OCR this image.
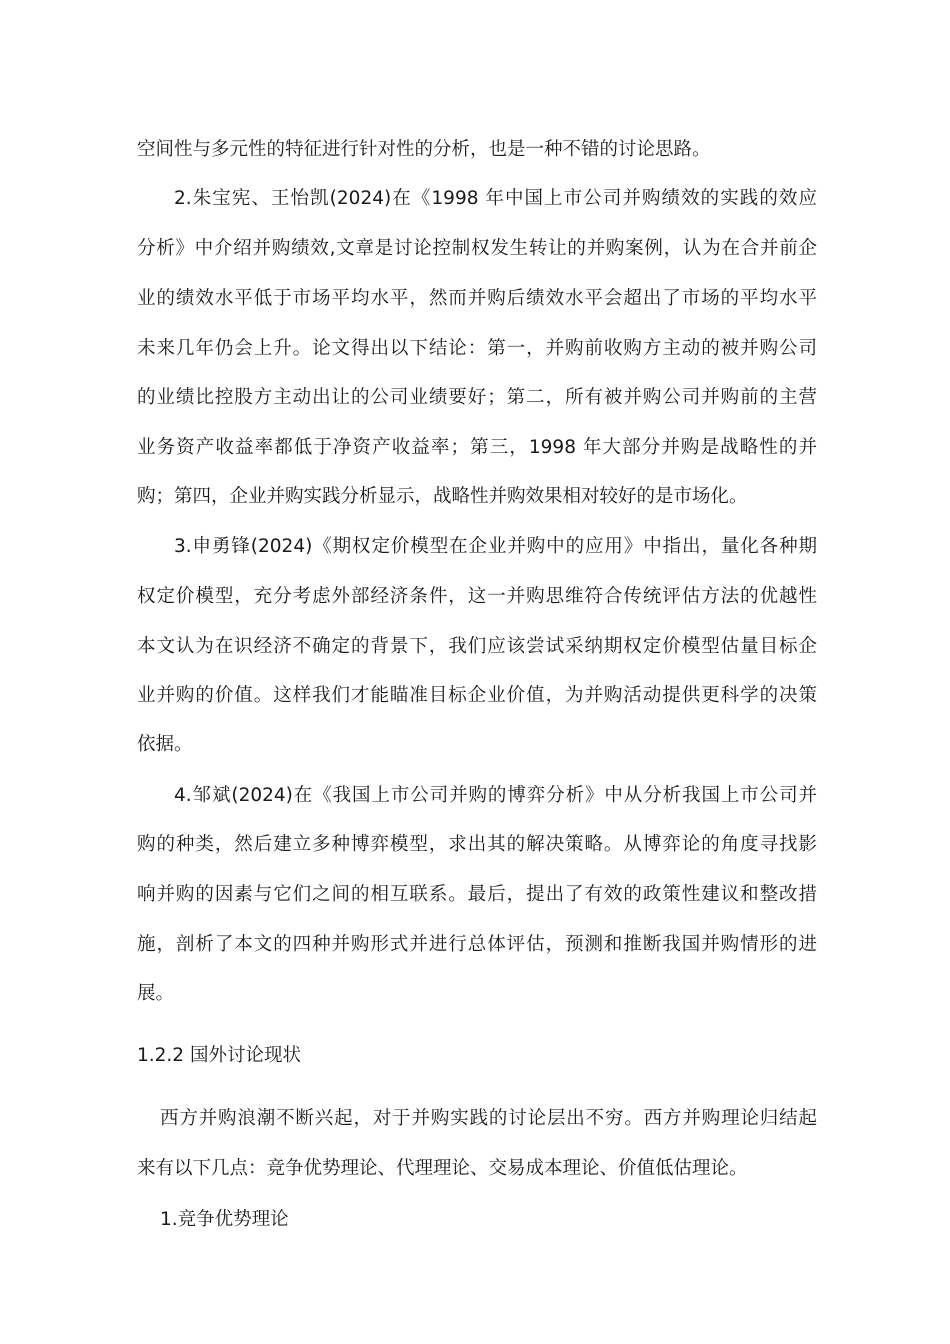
空间性与多元性的特征进行针对性的分析，也是一种不错的讨论思路。
2.朱宝宪、王怡凯(2024)在《1998 年中国上市公司并购绩效的实践的效应
分析》中介绍并购绩效,文章是讨论控制权发生转让的并购案例，认为在合并前企
业的绩效水平低于市场平均水平，然而并购后绩效水平会超出了市场的平均水平
未来几年仍会上升。论文得出以下结论：第一，并购前收购方主动的被并购公司
的业绩比控股方主动出让的公司业绩要好；第二，所有被并购公司并购前的主营
业务资产收益率都低于净资产收益率；第三，1998 年大部分并购是战略性的并
购；第四，企业并购实践分析显示，战略性并购效果相对较好的是市场化。
3.申勇锋(2024)《期权定价模型在企业并购中的应用》中指出，量化各种期
权定价模型，充分考虑外部经济条件，这一并购思维符合传统评估方法的优越性
本文认为在识经济不确定的背景下，我们应该尝试采纳期权定价模型估量目标企
业并购的价值。这样我们才能瞄准目标企业价值，为并购活动提供更科学的决策
依据。
4.邹斌(2024)在《我国上市公司并购的博弈分析》中从分析我国上市公司并
购的种类，然后建立多种博弈模型，求出其的解决策略。从博弈论的角度寻找影
响并购的因素与它们之间的相互联系。最后，提出了有效的政策性建议和整改措
施，剖析了本文的四种并购形式并进行总体评估，预测和推断我国并购情形的进
展。
1.2.2 国外讨论现状
西方并购浪潮不断兴起，对于并购实践的讨论层出不穷。西方并购理论归结起
来有以下几点：竞争优势理论、代理理论、交易成本理论、价值低估理论。
1.竞争优势理论
